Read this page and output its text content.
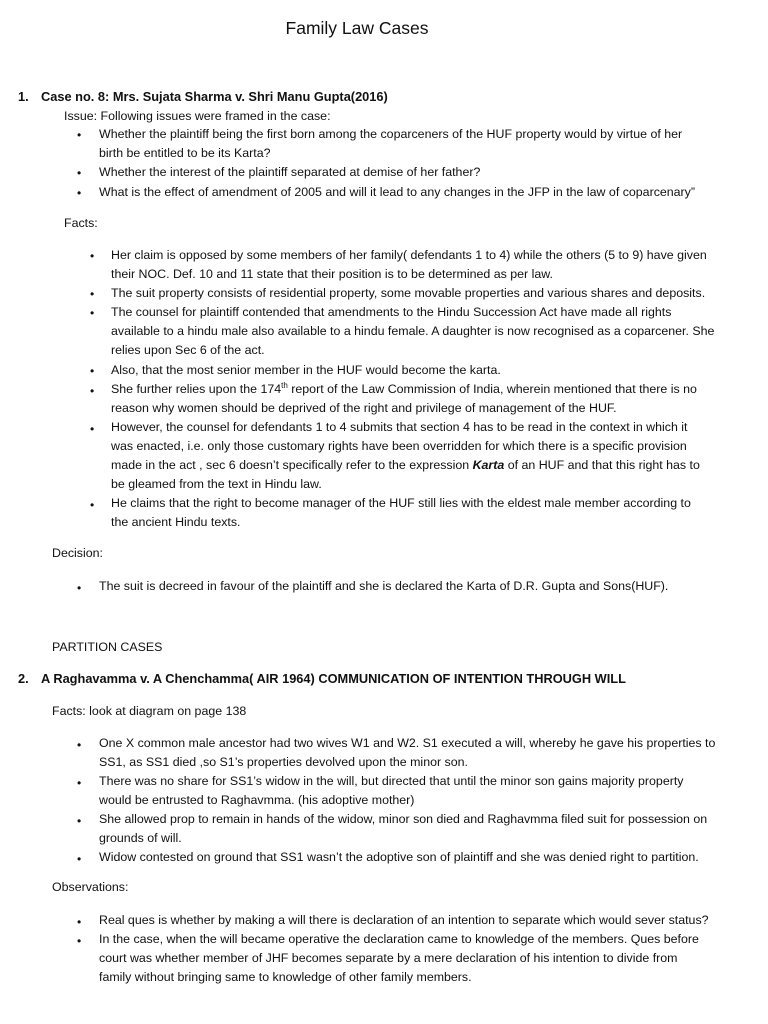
Family Law Cases
1. Case no. 8: Mrs. Sujata Sharma v. Shri Manu Gupta(2016)
Issue: Following issues were framed in the case:
• Whether the plaintiff being the first born among the coparceners of the HUF property would by virtue of her
birth be entitled to be its Karta?
• Whether the interest of the plaintiff separated at demise of her father?
• What is the effect of amendment of 2005 and will it lead to any changes in the JFP in the law of coparcenary”
Facts:
• Her claim is opposed by some members of her family( defendants 1 to 4) while the others (5 to 9) have given
their NOC. Def. 10 and 11 state that their position is to be determined as per law.
• The suit property consists of residential property, some movable properties and various shares and deposits.
• The counsel for plaintiff contended that amendments to the Hindu Succession Act have made all rights
available to a hindu male also available to a hindu female. A daughter is now recognised as a coparcener. She
relies upon Sec 6 of the act.
• Also, that the most senior member in the HUF would become the karta.
• She further relies upon the 174th report of the Law Commission of India, wherein mentioned that there is no
reason why women should be deprived of the right and privilege of management of the HUF.
• However, the counsel for defendants 1 to 4 submits that section 4 has to be read in the context in which it
was enacted, i.e. only those customary rights have been overridden for which there is a specific provision
made in the act , sec 6 doesn’t specifically refer to the expression Karta of an HUF and that this right has to
be gleamed from the text in Hindu law.
• He claims that the right to become manager of the HUF still lies with the eldest male member according to
the ancient Hindu texts.
Decision:
• The suit is decreed in favour of the plaintiff and she is declared the Karta of D.R. Gupta and Sons(HUF).
PARTITION CASES
2. A Raghavamma v. A Chenchamma( AIR 1964) COMMUNICATION OF INTENTION THROUGH WILL
Facts: look at diagram on page 138
• One X common male ancestor had two wives W1 and W2. S1 executed a will, whereby he gave his properties to
SS1, as SS1 died ,so S1’s properties devolved upon the minor son.
• There was no share for SS1’s widow in the will, but directed that until the minor son gains majority property
would be entrusted to Raghavmma. (his adoptive mother)
• She allowed prop to remain in hands of the widow, minor son died and Raghavmma filed suit for possession on
grounds of will.
• Widow contested on ground that SS1 wasn’t the adoptive son of plaintiff and she was denied right to partition.
Observations:
• Real ques is whether by making a will there is declaration of an intention to separate which would sever status?
• In the case, when the will became operative the declaration came to knowledge of the members. Ques before
court was whether member of JHF becomes separate by a mere declaration of his intention to divide from
family without bringing same to knowledge of other family members.
